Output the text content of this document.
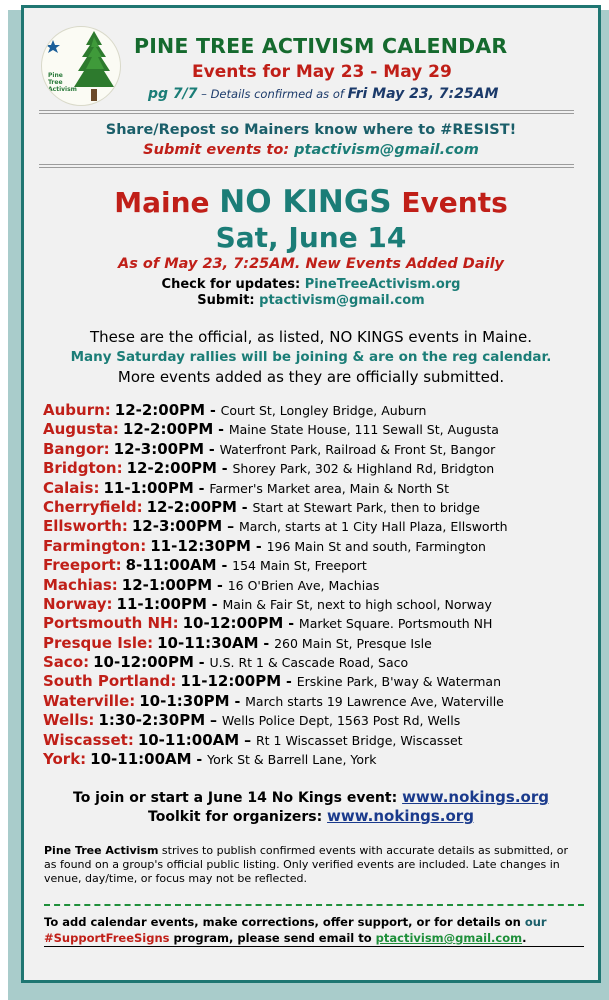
Pine Tree Activism
PINE TREE ACTIVISM CALENDAR
Events for May 23 - May 29
pg 7/7 – Details confirmed as of Fri May 23, 7:25AM
Share/Repost so Mainers know where to #RESIST!
Submit events to: ptactivism@gmail.com
Maine NO KINGS Events
Sat, June 14
As of May 23, 7:25AM. New Events Added Daily
Check for updates: PineTreeActivism.org
Submit: ptactivism@gmail.com
These are the official, as listed, NO KINGS events in Maine.
Many Saturday rallies will be joining & are on the reg calendar.
More events added as they are officially submitted.
Auburn: 12-2:00PM - Court St, Longley Bridge, Auburn
Augusta: 12-2:00PM - Maine State House, 111 Sewall St, Augusta
Bangor: 12-3:00PM - Waterfront Park, Railroad & Front St, Bangor
Bridgton: 12-2:00PM - Shorey Park, 302 & Highland Rd, Bridgton
Calais: 11-1:00PM - Farmer's Market area, Main & North St
Cherryfield: 12-2:00PM - Start at Stewart Park, then to bridge
Ellsworth: 12-3:00PM – March, starts at 1 City Hall Plaza, Ellsworth
Farmington: 11-12:30PM - 196 Main St and south, Farmington
Freeport: 8-11:00AM - 154 Main St, Freeport
Machias: 12-1:00PM - 16 O'Brien Ave, Machias
Norway: 11-1:00PM - Main & Fair St, next to high school, Norway
Portsmouth NH: 10-12:00PM - Market Square. Portsmouth NH
Presque Isle: 10-11:30AM - 260 Main St, Presque Isle
Saco: 10-12:00PM - U.S. Rt 1 & Cascade Road, Saco
South Portland: 11-12:00PM - Erskine Park, B'way & Waterman
Waterville: 10-1:30PM - March starts 19 Lawrence Ave, Waterville
Wells: 1:30-2:30PM – Wells Police Dept, 1563 Post Rd, Wells
Wiscasset: 10-11:00AM – Rt 1 Wiscasset Bridge, Wiscasset
York: 10-11:00AM - York St & Barrell Lane, York
To join or start a June 14 No Kings event: www.nokings.org
Toolkit for organizers: www.nokings.org
Pine Tree Activism strives to publish confirmed events with accurate details as submitted, or as found on a group's official public listing. Only verified events are included. Late changes in venue, day/time, or focus may not be reflected.
To add calendar events, make corrections, offer support, or for details on our
#SupportFreeSigns program, please send email to ptactivism@gmail.com.
